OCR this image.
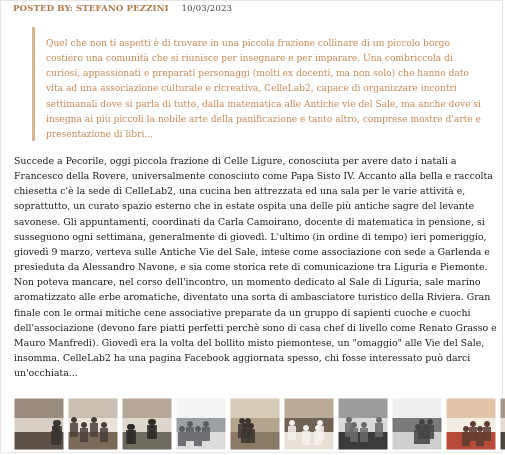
POSTED BY: STEFANO PEZZINI 10/03/2023

Quel che non ti aspetti è di trovare in una piccola frazione collinare di un piccolo borgo costiero una comunità che si riunisce per insegnare e per imparare. Una combriccola di curiosi, appassionati e preparati personaggi (molti ex docenti, ma non solo) che hanno dato vita ad una associazione culturale e ricreativa, CelleLab2, capace di organizzare incontri settimanali dove si parla di tutto, dalla matematica alle Antiche vie del Sale, ma anche dove si insegna ai più piccoli la nobile arte della panificazione e tanto altro, comprese mostre d'arte e presentazione di libri...

Succede a Pecorile, oggi piccola frazione di Celle Ligure, conosciuta per avere dato i natali a Francesco della Rovere, universalmente conosciuto come Papa Sisto IV. Accanto alla bella e raccolta chiesetta c'è la sede di CelleLab2, una cucina ben attrezzata ed una sala per le varie attività e, soprattutto, un curato spazio esterno che in estate ospita una delle più antiche sagre del levante savonese. Gli appuntamenti, coordinati da Carla Camoirano, docente di matematica in pensione, si susseguono ogni settimana, generalmente di giovedì. L'ultimo (in ordine di tempo) ieri pomeriggio, giovedì 9 marzo, verteva sulle Antiche Vie del Sale, intese come associazione con sede a Garlenda e presieduta da Alessandro Navone, e sia come storica rete di comunicazione tra Liguria e Piemonte. Non poteva mancare, nel corso dell'incontro, un momento dedicato al Sale di Liguria, sale marino aromatizzato alle erbe aromatiche, diventato una sorta di ambasciatore turistico della Riviera. Gran finale con le ormai mitiche cene associative preparate da un gruppo di sapienti cuoche e cuochi dell'associazione (devono fare piatti perfetti perchè sono di casa chef di livello come Renato Grasso e Mauro Manfredi). Giovedì era la volta del bollito misto piemontese, un "omaggio" alle Vie del Sale, insomma. CelleLab2 ha una pagina Facebook aggiornata spesso, chi fosse interessato può darci un'occhiata...
